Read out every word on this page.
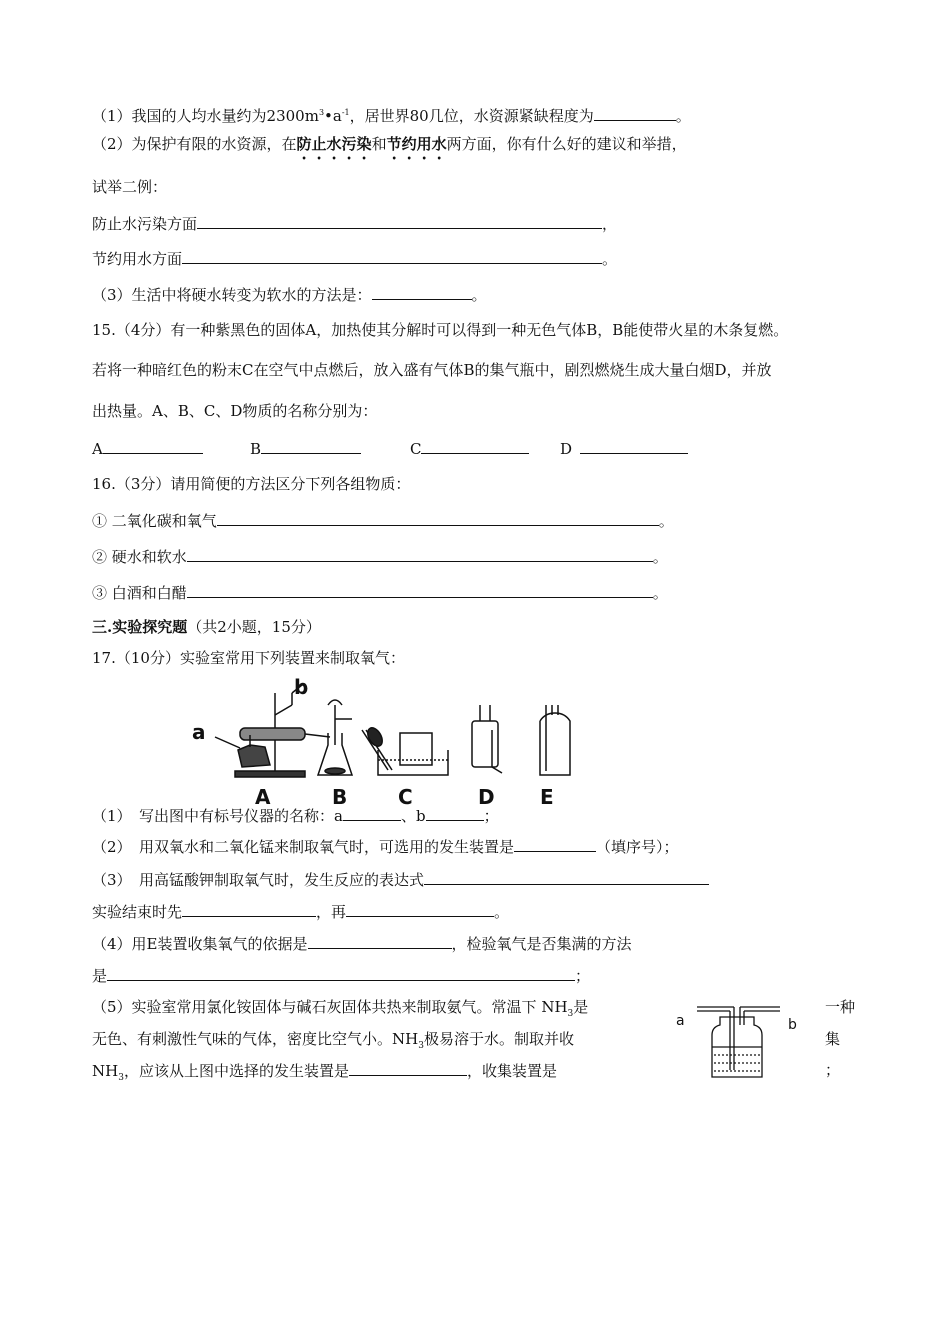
（1）我国的人均水量约为$2300m^3•a^{-1}$，居世界80几位，水资源紧缺程度为	。
（2）为保护有限的水资源，在防止水污染和节约用水两方面，你有什么好的建议和举措，
试举二例：
防止水污染方面	，
节约用水方面	。
（3）生活中将硬水转变为软水的方法是：	。
15.（4分）有一种紫黑色的固体A，加热使其分解时可以得到一种无色气体B，B能使带火星的木条复燃。
若将一种暗红色的粉末C在空气中点燃后，放入盛有气体B的集气瓶中，剧烈燃烧生成大量白烟D，并放
出热量。A、B、C、D物质的名称分别为：
A	B	C	D
16.（3分）请用简便的方法区分下列各组物质：
① 二氧化碳和氧气	。
② 硬水和软水	。
③ 白酒和白醋	。
三.实验探究题（共2小题，15分）
17.（10分）实验室常用下列装置来制取氧气：
a
b
A	B	C	D E
（1）　写出图中有标号仪器的名称：a	、b	；
（2）　用双氧水和二氧化锰来制取氧气时，可选用的发生装置是	（填序号）；
（3）　用高锰酸钾制取氧气时，发生反应的表达式
实验结束时先	，再	。
（4）用E装置收集氧气的依据是	，检验氧气是否集满的方法
是	；
（5）实验室常用氯化铵固体与碱石灰固体共热来制取氨气。常温下 $NH_3$是
无色、有刺激性气味的气体，密度比空气小。$NH_3$极易溶于水。制取并收
$NH_3$，应该从上图中选择的发生装置是	，收集装置是
a	b
一种
集
；
